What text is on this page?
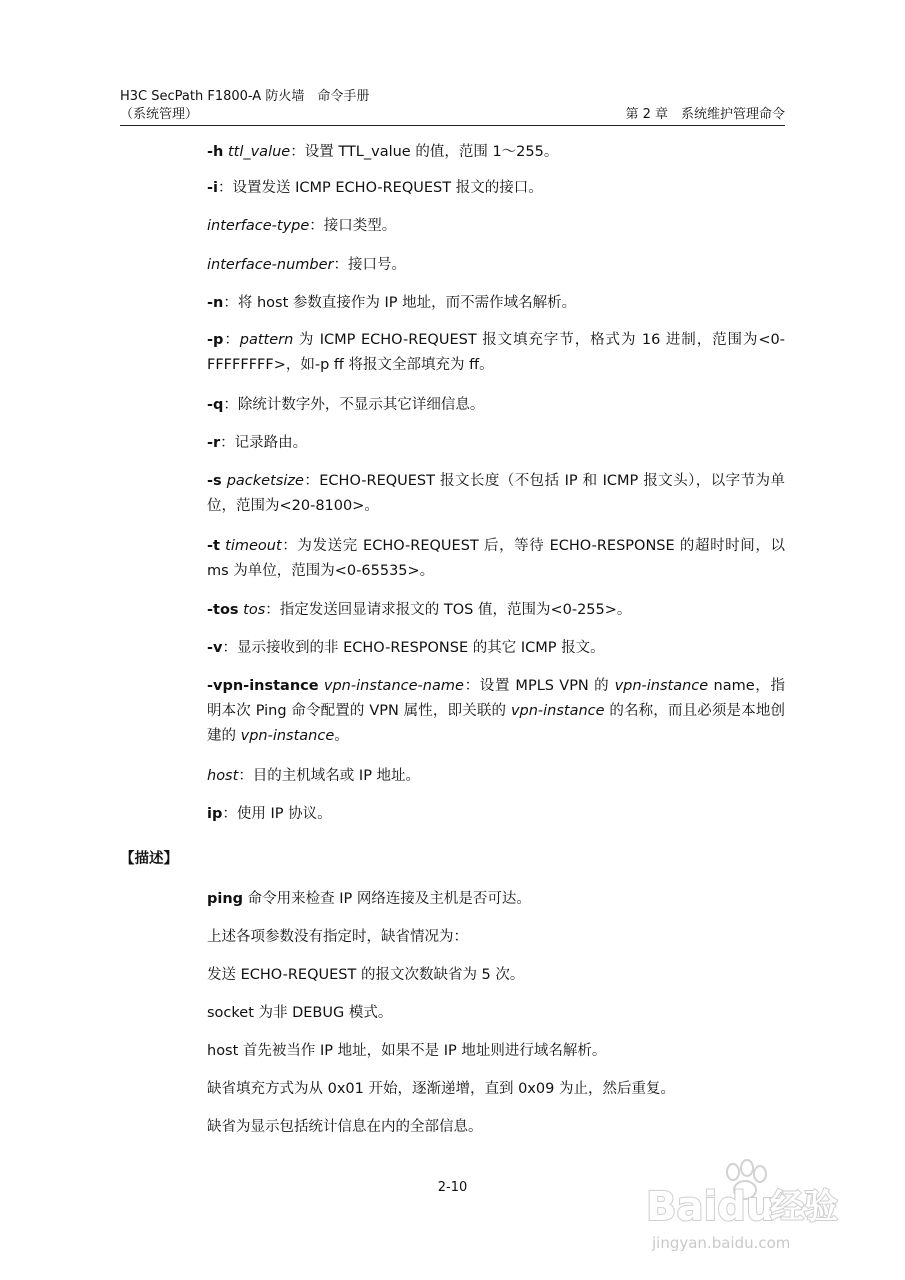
H3C SecPath F1800-A 防火墙　命令手册
（系统管理）	第 2 章　系统维护管理命令

-h ttl_value：设置 TTL_value 的值，范围 1～255。

-i：设置发送 ICMP ECHO-REQUEST 报文的接口。

interface-type：接口类型。

interface-number：接口号。

-n：将 host 参数直接作为 IP 地址，而不需作域名解析。

-p：pattern 为 ICMP ECHO-REQUEST 报文填充字节，格式为 16 进制，范围为<0-FFFFFFFF>，如-p ff 将报文全部填充为 ff。

-q：除统计数字外，不显示其它详细信息。

-r：记录路由。

-s packetsize：ECHO-REQUEST 报文长度（不包括 IP 和 ICMP 报文头），以字节为单位，范围为<20-8100>。

-t timeout：为发送完 ECHO-REQUEST 后，等待 ECHO-RESPONSE 的超时时间，以 ms 为单位，范围为<0-65535>。

-tos tos：指定发送回显请求报文的 TOS 值，范围为<0-255>。

-v：显示接收到的非 ECHO-RESPONSE 的其它 ICMP 报文。

-vpn-instance vpn-instance-name：设置 MPLS VPN 的 vpn-instance name，指明本次 Ping 命令配置的 VPN 属性，即关联的 vpn-instance 的名称，而且必须是本地创建的 vpn-instance。

host：目的主机域名或 IP 地址。

ip：使用 IP 协议。

【描述】

ping 命令用来检查 IP 网络连接及主机是否可达。

上述各项参数没有指定时，缺省情况为：

发送 ECHO-REQUEST 的报文次数缺省为 5 次。

socket 为非 DEBUG 模式。

host 首先被当作 IP 地址，如果不是 IP 地址则进行域名解析。

缺省填充方式为从 0x01 开始，逐渐递增，直到 0x09 为止，然后重复。

缺省为显示包括统计信息在内的全部信息。

2-10	Baidu
经验
jingyan.baidu.com
